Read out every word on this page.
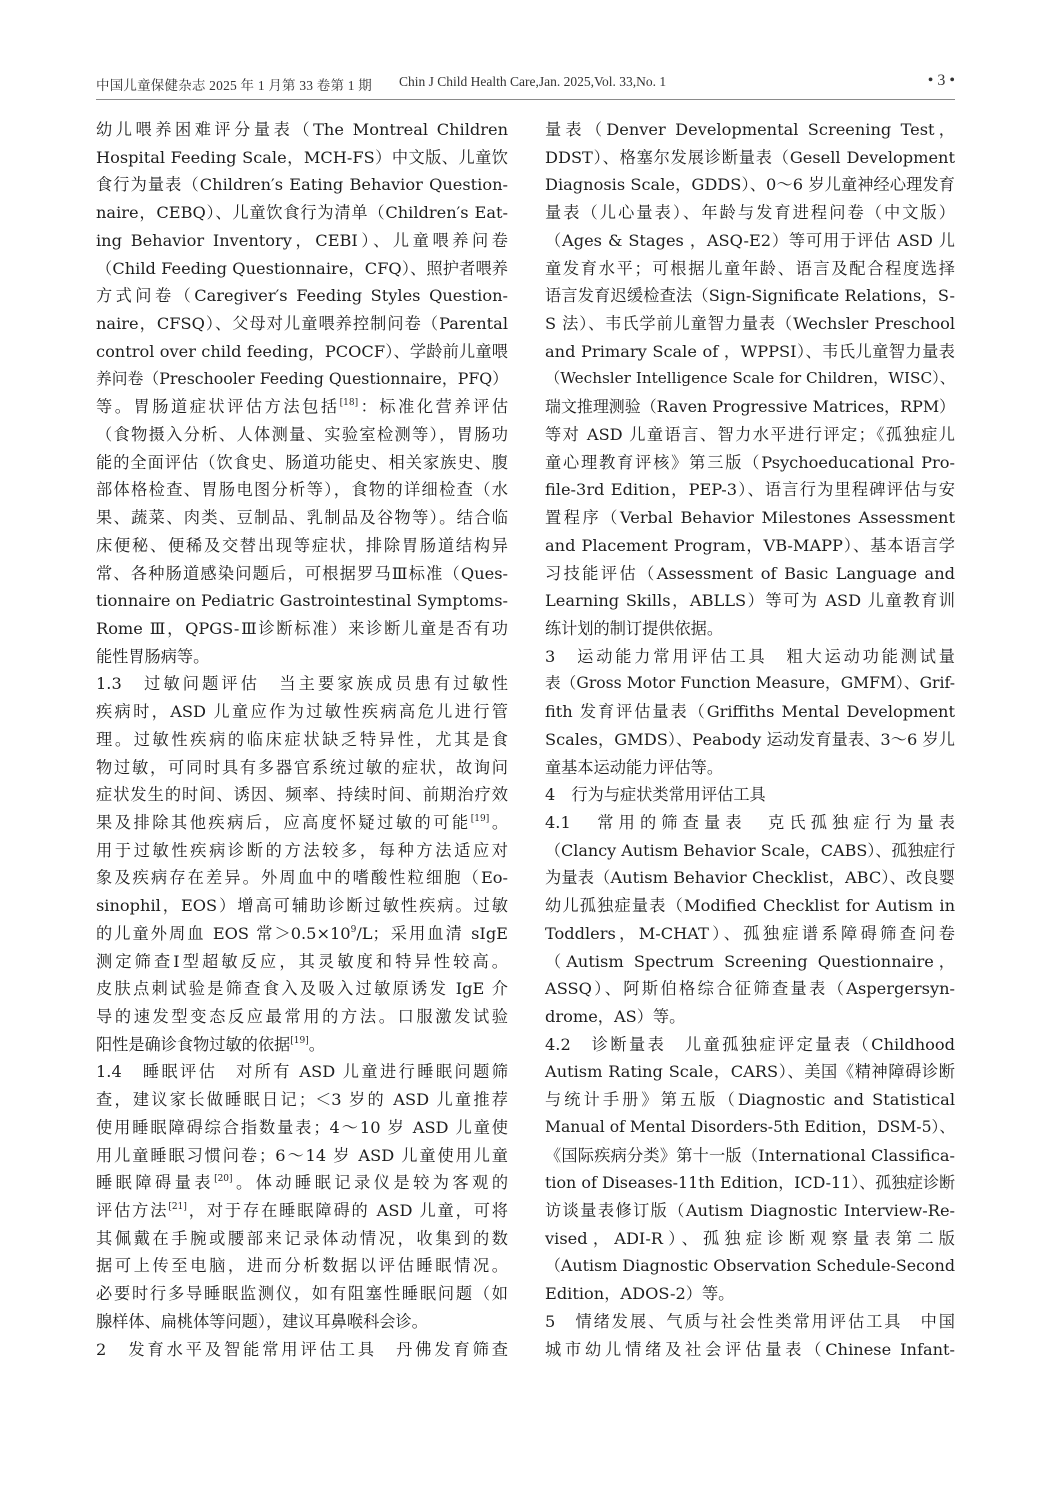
中国儿童保健杂志 2025 年 1 月第 33 卷第 1 期 Chin J Child Health Care,Jan. 2025,Vol. 33,No. 1	• 3 •
幼儿喂养困难评分量表（The Montreal Children
Hospital Feeding Scale，MCH-FS）中文版、儿童饮
食行为量表（Children′s Eating Behavior Question-
naire，CEBQ）、儿童饮食行为清单（Children′s Eat-
ing Behavior Inventory，CEBI）、儿童喂养问卷
（Child Feeding Questionnaire，CFQ）、照护者喂养
方式问卷（Caregiver′s Feeding Styles Question-
naire，CFSQ）、父母对儿童喂养控制问卷（Parental
control over child feeding，PCOCF）、学龄前儿童喂
养问卷（Preschooler Feeding Questionnaire，PFQ）
等。胃肠道症状评估方法包括[18]：标准化营养评估
（食物摄入分析、人体测量、实验室检测等），胃肠功
能的全面评估（饮食史、肠道功能史、相关家族史、腹
部体格检查、胃肠电图分析等），食物的详细检查（水
果、蔬菜、肉类、豆制品、乳制品及谷物等）。结合临
床便秘、便稀及交替出现等症状，排除胃肠道结构异
常、各种肠道感染问题后，可根据罗马Ⅲ标准（Ques-
tionnaire on Pediatric Gastrointestinal Symptoms-
Rome Ⅲ，QPGS-Ⅲ诊断标准）来诊断儿童是否有功
能性胃肠病等。
1.3　过敏问题评估　当主要家族成员患有过敏性
疾病时，ASD 儿童应作为过敏性疾病高危儿进行管
理。过敏性疾病的临床症状缺乏特异性，尤其是食
物过敏，可同时具有多器官系统过敏的症状，故询问
症状发生的时间、诱因、频率、持续时间、前期治疗效
果及排除其他疾病后，应高度怀疑过敏的可能[19]。
用于过敏性疾病诊断的方法较多，每种方法适应对
象及疾病存在差异。外周血中的嗜酸性粒细胞（Eo-
sinophil，EOS）增高可辅助诊断过敏性疾病。过敏
的儿童外周血 EOS 常$>0.5\times 10^9/L$；采用血清 sIgE
测定筛查Ⅰ型超敏反应，其灵敏度和特异性较高。
皮肤点刺试验是筛查食入及吸入过敏原诱发 IgE 介
导的速发型变态反应最常用的方法。口服激发试验
阳性是确诊食物过敏的依据[19]。
1.4　睡眠评估　对所有 ASD 儿童进行睡眠问题筛
查，建议家长做睡眠日记；＜3 岁的 ASD 儿童推荐
使用睡眠障碍综合指数量表；4～10 岁 ASD 儿童使
用儿童睡眠习惯问卷；6～14 岁 ASD 儿童使用儿童
睡眠障碍量表[20]。体动睡眠记录仪是较为客观的
评估方法[21]，对于存在睡眠障碍的 ASD 儿童，可将
其佩戴在手腕或腰部来记录体动情况，收集到的数
据可上传至电脑，进而分析数据以评估睡眠情况。
必要时行多导睡眠监测仪，如有阻塞性睡眠问题（如
腺样体、扁桃体等问题），建议耳鼻喉科会诊。
2　发育水平及智能常用评估工具　丹佛发育筛查
量表（Denver Developmental Screening Test，
DDST）、格塞尔发展诊断量表（Gesell Development
Diagnosis Scale，GDDS）、0～6 岁儿童神经心理发育
量表（儿心量表）、年龄与发育进程问卷（中文版）
（Ages & Stages ，ASQ-E2）等可用于评估 ASD 儿
童发育水平；可根据儿童年龄、语言及配合程度选择
语言发育迟缓检查法（Sign-Significate Relations，S-
S 法）、韦氏学前儿童智力量表（Wechsler Preschool
and Primary Scale of ，WPPSI）、韦氏儿童智力量表
（Wechsler Intelligence Scale for Children，WISC）、
瑞文推理测验（Raven Progressive Matrices，RPM）
等对 ASD 儿童语言、智力水平进行评定；《孤独症儿
童心理教育评核》第三版（Psychoeducational Pro-
file-3rd Edition，PEP-3）、语言行为里程碑评估与安
置程序（Verbal Behavior Milestones Assessment
and Placement Program，VB-MAPP）、基本语言学
习技能评估（Assessment of Basic Language and
Learning Skills，ABLLS）等可为 ASD 儿童教育训
练计划的制订提供依据。
3　运动能力常用评估工具　粗大运动功能测试量
表（Gross Motor Function Measure，GMFM）、Grif-
fith 发育评估量表（Griffiths Mental Development
Scales，GMDS）、Peabody 运动发育量表、3～6 岁儿
童基本运动能力评估等。
4　行为与症状类常用评估工具
4.1　常用的筛查量表　克氏孤独症行为量表
（Clancy Autism Behavior Scale，CABS）、孤独症行
为量表（Autism Behavior Checklist，ABC）、改良婴
幼儿孤独症量表（Modified Checklist for Autism in
Toddlers，M-CHAT）、孤独症谱系障碍筛查问卷
（Autism Spectrum Screening Questionnaire，
ASSQ）、阿斯伯格综合征筛查量表（Aspergersyn-
drome，AS）等。
4.2　诊断量表　儿童孤独症评定量表（Childhood
Autism Rating Scale，CARS）、美国《精神障碍诊断
与统计手册》第五版（Diagnostic and Statistical
Manual of Mental Disorders-5th Edition，DSM-5）、
《国际疾病分类》第十一版（International Classifica-
tion of Diseases-11th Edition，ICD-11）、孤独症诊断
访谈量表修订版（Autism Diagnostic Interview-Re-
vised，ADI-R）、孤独症诊断观察量表第二版
（Autism Diagnostic Observation Schedule-Second
Edition，ADOS-2）等。
5　情绪发展、气质与社会性类常用评估工具　中国
城市幼儿情绪及社会评估量表（Chinese Infant-
